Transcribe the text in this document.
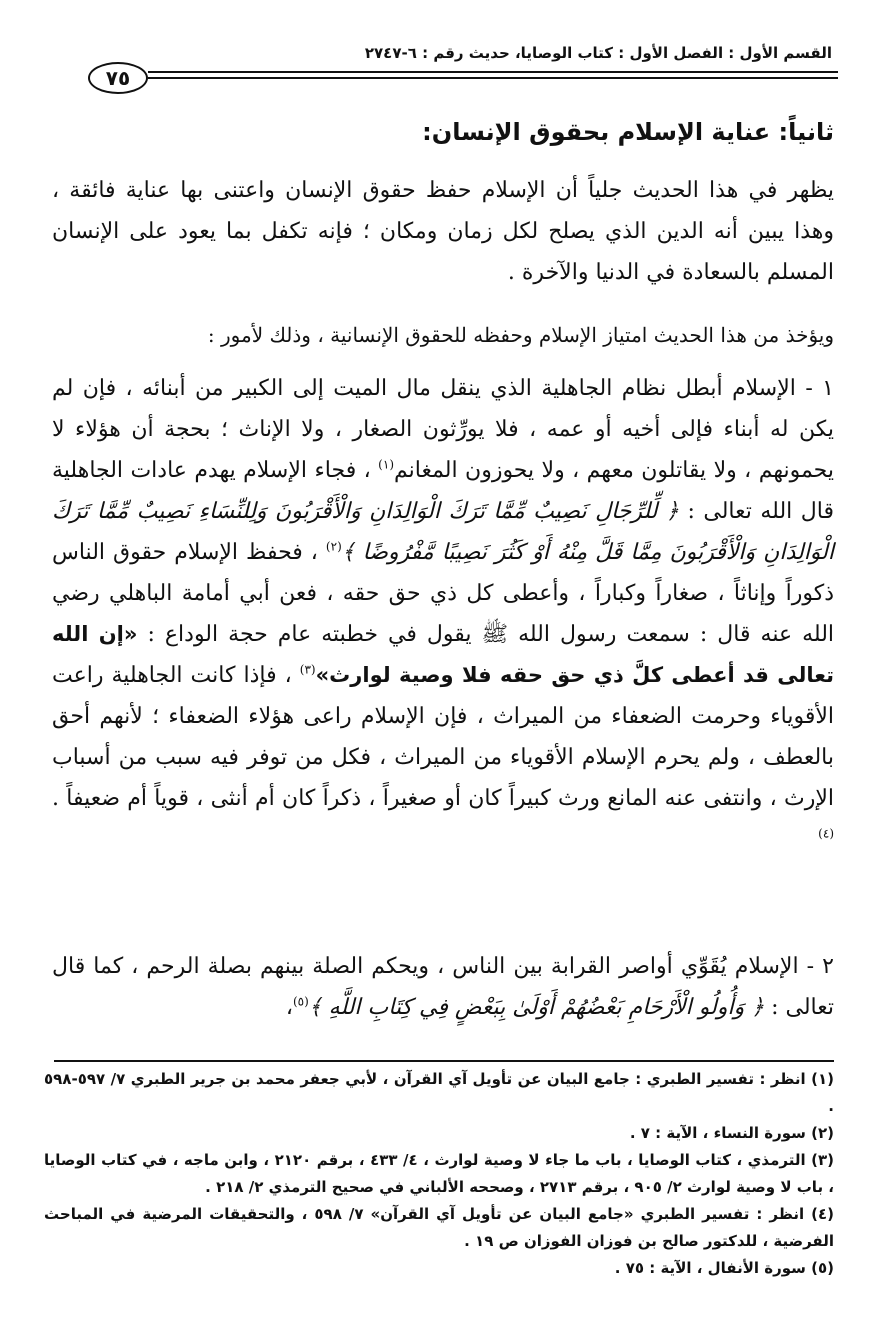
القسم الأول : الفصل الأول : كتاب الوصايا، حديث رقم : ٦-٢٧٤٧
٧٥
ثانياً: عناية الإسلام بحقوق الإنسان:

يظهر في هذا الحديث جلياً أن الإسلام حفظ حقوق الإنسان واعتنى بها عناية فائقة ، وهذا يبين أنه الدين الذي يصلح لكل زمان ومكان ؛ فإنه تكفل بما يعود على الإنسان المسلم بالسعادة في الدنيا والآخرة .

ويؤخذ من هذا الحديث امتياز الإسلام وحفظه للحقوق الإنسانية ، وذلك لأمور :

١ - الإسلام أبطل نظام الجاهلية الذي ينقل مال الميت إلى الكبير من أبنائه ، فإن لم يكن له أبناء فإلى أخيه أو عمه ، فلا يورِّثون الصغار ، ولا الإناث ؛ بحجة أن هؤلاء لا يحمونهم ، ولا يقاتلون معهم ، ولا يحوزون المغانم$^{(١)}$ ، فجاء الإسلام يهدم عادات الجاهلية قال الله تعالى : ﴿ لِّلرِّجَالِ نَصِيبٌ مِّمَّا تَرَكَ الْوَالِدَانِ وَالْأَقْرَبُونَ وَلِلنِّسَاءِ نَصِيبٌ مِّمَّا تَرَكَ الْوَالِدَانِ وَالْأَقْرَبُونَ مِمَّا قَلَّ مِنْهُ أَوْ كَثُرَ نَصِيبًا مَّفْرُوضًا ﴾$^{(٢)}$ ، فحفظ الإسلام حقوق الناس ذكوراً وإناثاً ، صغاراً وكباراً ، وأعطى كل ذي حق حقه ، فعن أبي أمامة الباهلي رضي الله عنه قال : سمعت رسول الله ﷺ يقول في خطبته عام حجة الوداع : «إن الله تعالى قد أعطى كلَّ ذي حق حقه فلا وصية لوارث»$^{(٣)}$ ، فإذا كانت الجاهلية راعت الأقوياء وحرمت الضعفاء من الميراث ، فإن الإسلام راعى هؤلاء الضعفاء ؛ لأنهم أحق بالعطف ، ولم يحرم الإسلام الأقوياء من الميراث ، فكل من توفر فيه سبب من أسباب الإرث ، وانتفى عنه المانع ورث كبيراً كان أو صغيراً ، ذكراً كان أم أنثى ، قوياً أم ضعيفاً .$^{(٤)}$

٢ - الإسلام يُقَوِّي أواصر القرابة بين الناس ، ويحكم الصلة بينهم بصلة الرحم ، كما قال تعالى : ﴿ وَأُولُو الْأَرْحَامِ بَعْضُهُمْ أَوْلَىٰ بِبَعْضٍ فِي كِتَابِ اللَّهِ ﴾$^{(٥)}$،

(١) انظر : تفسير الطبري : جامع البيان عن تأويل آي القرآن ، لأبي جعفر محمد بن جرير الطبري ٧/ ٥٩٧-٥٩٨ .
(٢) سورة النساء ، الآية : ٧ .
(٣) الترمذي ، كتاب الوصايا ، باب ما جاء لا وصية لوارث ، ٤/ ٤٣٣ ، برقم ٢١٢٠ ، وابن ماجه ، في كتاب الوصايا ، باب لا وصية لوارث ٢/ ٩٠٥ ، برقم ٢٧١٣ ، وصححه الألباني في صحيح الترمذي ٢/ ٢١٨ .
(٤) انظر : تفسير الطبري «جامع البيان عن تأويل آي القرآن» ٧/ ٥٩٨ ، والتحقيقات المرضية في المباحث الفرضية ، للدكتور صالح بن فوزان الفوزان ص ١٩ .
(٥) سورة الأنفال ، الآية : ٧٥ .
